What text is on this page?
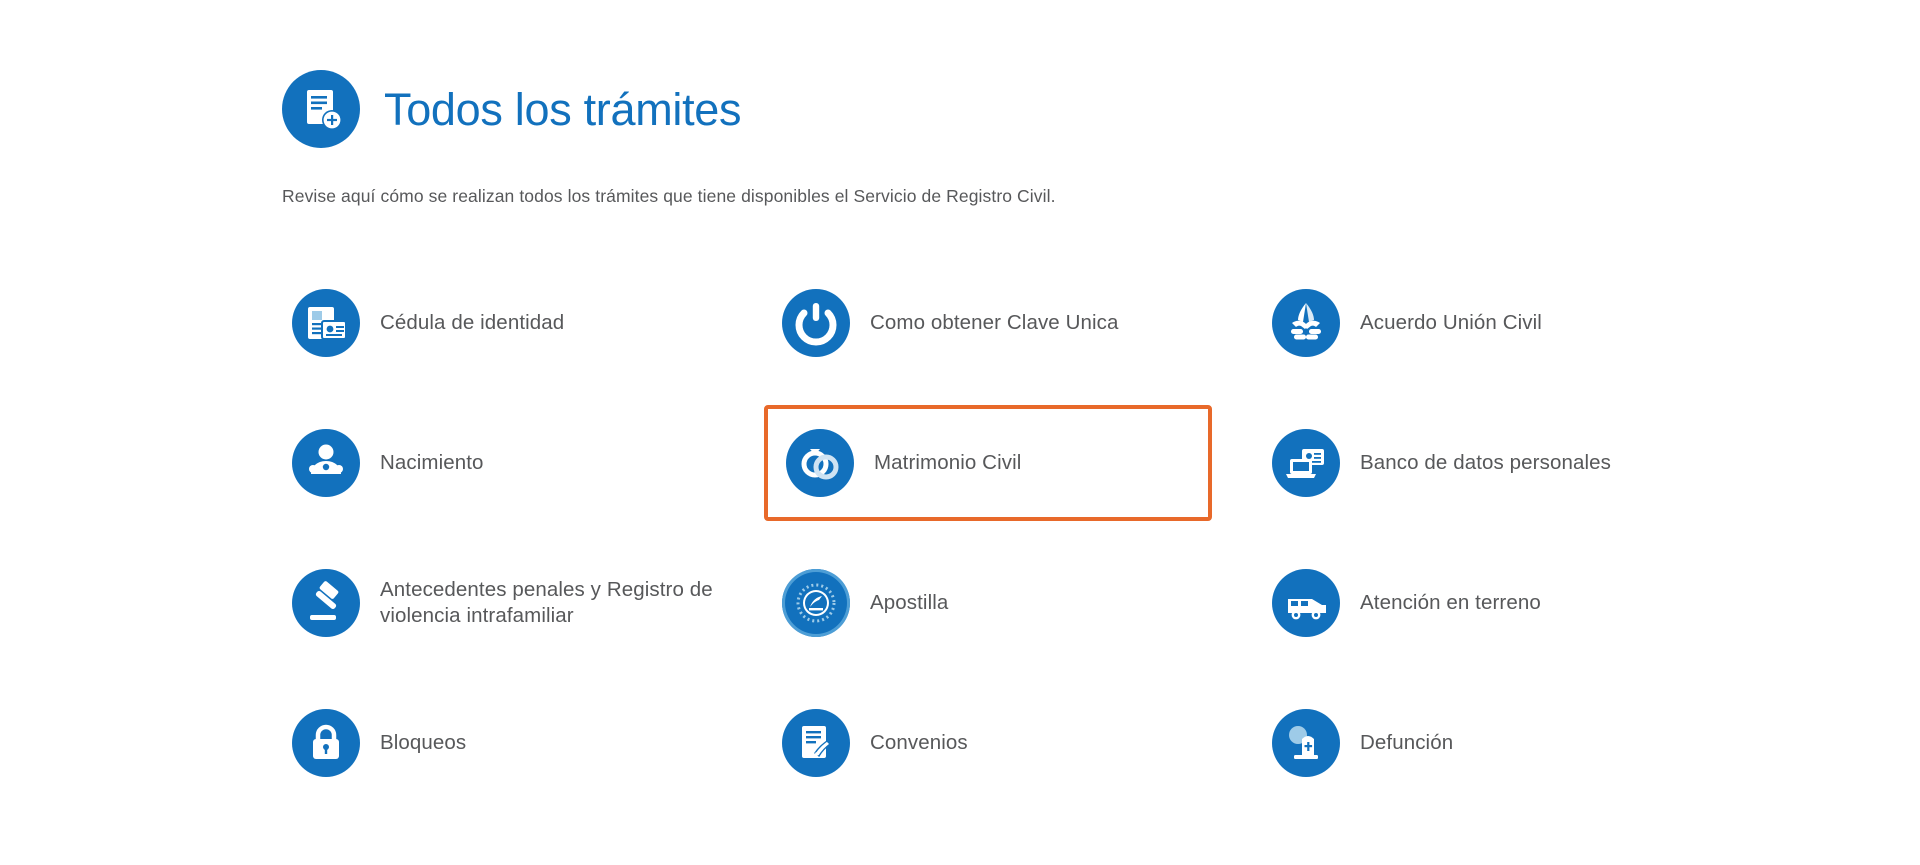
Todos los trámites
Revise aquí cómo se realizan todos los trámites que tiene disponibles el Servicio de Registro Civil.
Cédula de identidad	Como obtener Clave Unica	Acuerdo Unión Civil
Nacimiento	Matrimonio Civil	Banco de datos personales
Antecedentes penales y Registro de violencia intrafamiliar
Apostilla	Atención en terreno
Bloqueos	Convenios	Defunción
